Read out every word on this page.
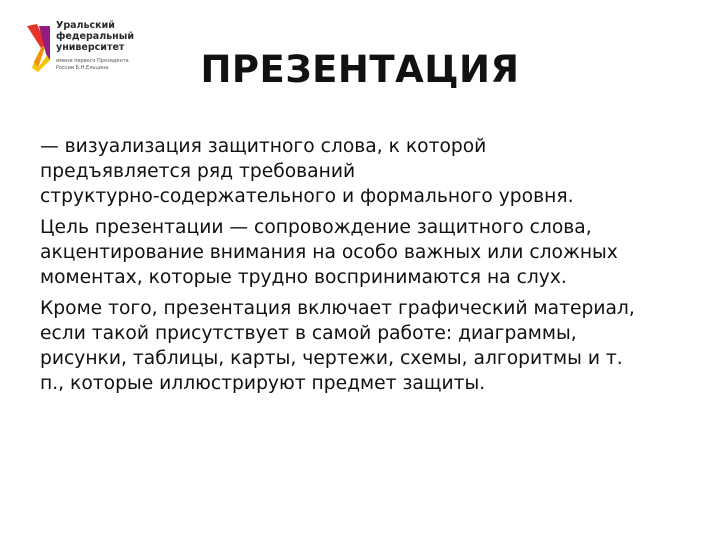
Уральский
федеральный
университет
имени первого Президента
России Б.Н.Ельцина	ПРЕЗЕНТАЦИЯ

— визуализация защитного слова, к которой
предъявляется ряд требований
структурно-содержательного и формального уровня.

Цель презентации — сопровождение защитного слова,
акцентирование внимания на особо важных или сложных
моментах, которые трудно воспринимаются на слух.

Кроме того, презентация включает графический материал,
если такой присутствует в самой работе: диаграммы,
рисунки, таблицы, карты, чертежи, схемы, алгоритмы и т.
п., которые иллюстрируют предмет защиты.
